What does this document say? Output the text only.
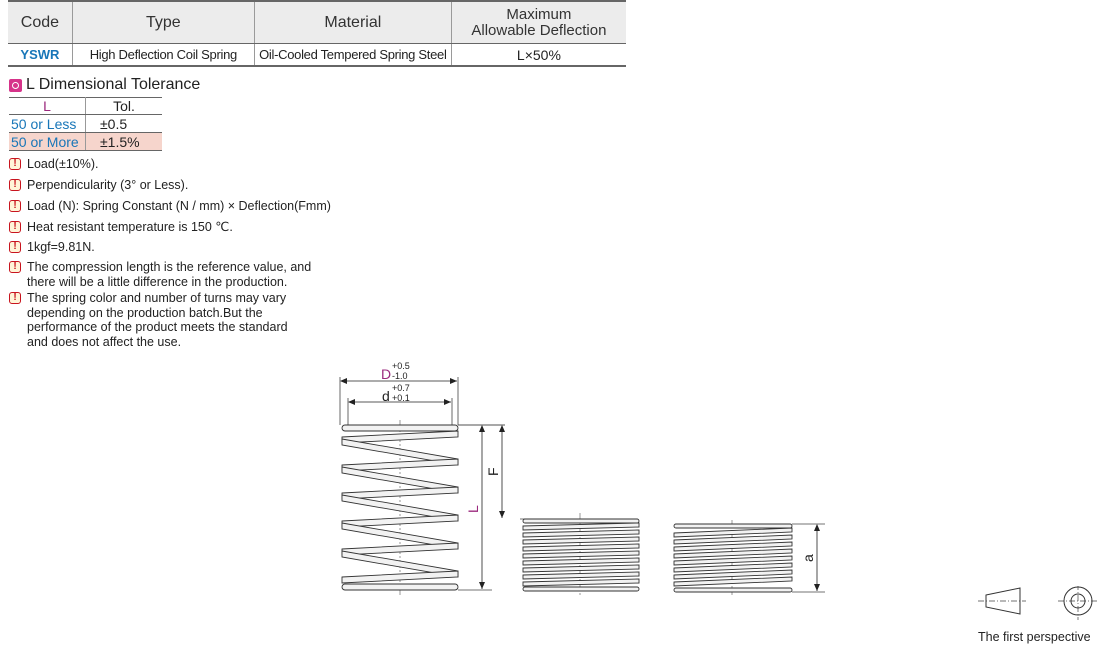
Code	Type	Material	Maximum
Allowable Deflection
YSWR	High Deflection Coil Spring	Oil-Cooled Tempered Spring Steel	L×50%
L Dimensional Tolerance
L	Tol.
50 or Less	±0.5
50 or More	±1.5%
! Load(±10%).
! Perpendicularity (3° or Less).
! Load (N): Spring Constant (N / mm) × Deflection(Fmm)
! Heat resistant temperature is 150 ℃.
! 1kgf=9.81N.
! The compression length is the reference value, and
there will be a little difference in the production.
! The spring color and number of turns may vary
depending on the production batch.But the
performance of the product meets the standard
and does not affect the use.
D +0.5
-1.0
d +0.7
+0.1
L
F
a
The first perspective
